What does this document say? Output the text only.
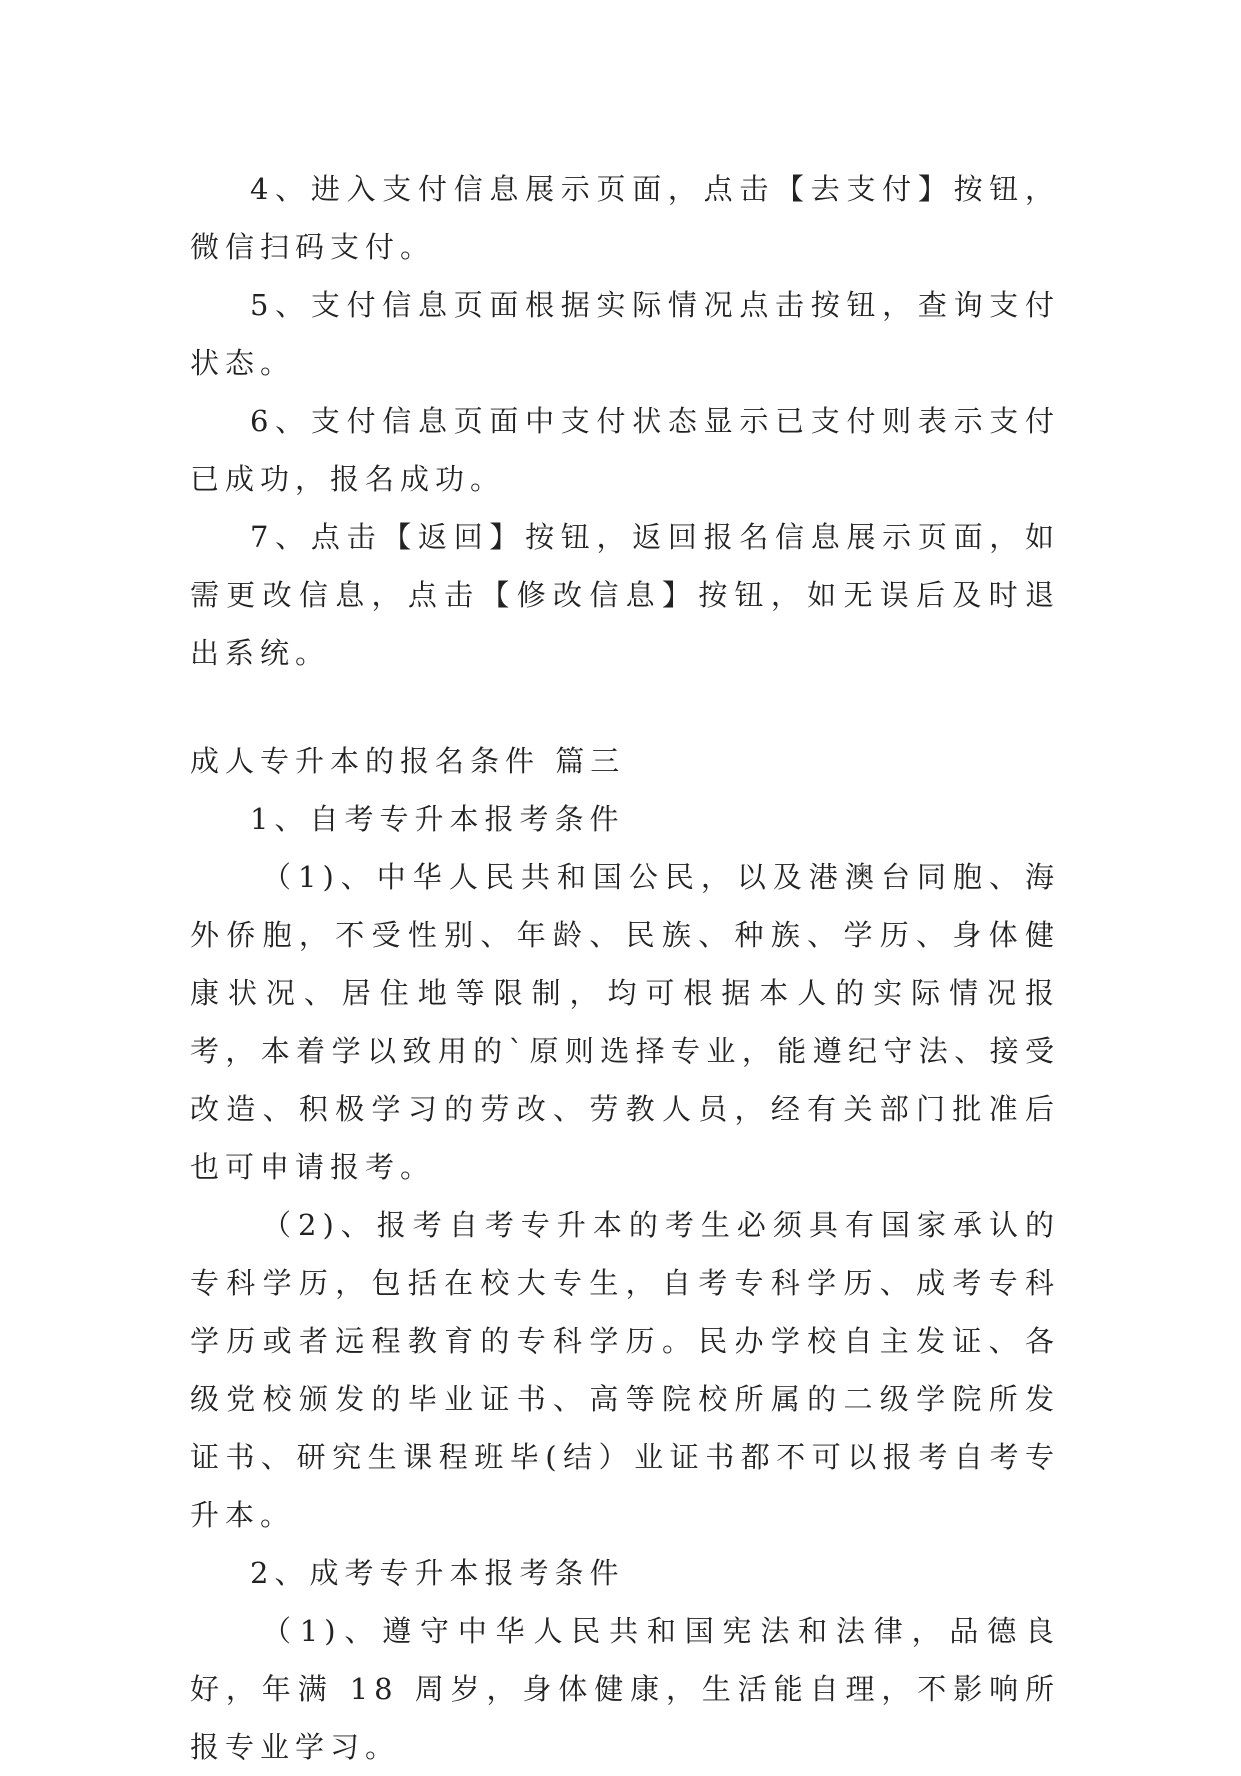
4、进入支付信息展示页面，点击【去支付】按钮，微信扫码支付。

5、支付信息页面根据实际情况点击按钮，查询支付状态。

6、支付信息页面中支付状态显示已支付则表示支付已成功，报名成功。

7、点击【返回】按钮，返回报名信息展示页面，如需更改信息，点击【修改信息】按钮，如无误后及时退出系统。

成人专升本的报名条件 篇三

1、自考专升本报考条件

（1)、中华人民共和国公民，以及港澳台同胞、海外侨胞，不受性别、年龄、民族、种族、学历、身体健康状况、居住地等限制，均可根据本人的实际情况报考，本着学以致用的`原则选择专业，能遵纪守法、接受改造、积极学习的劳改、劳教人员，经有关部门批准后也可申请报考。

（2)、报考自考专升本的考生必须具有国家承认的专科学历，包括在校大专生，自考专科学历、成考专科学历或者远程教育的专科学历。民办学校自主发证、各级党校颁发的毕业证书、高等院校所属的二级学院所发证书、研究生课程班毕(结）业证书都不可以报考自考专升本。

2、成考专升本报考条件

（1)、遵守中华人民共和国宪法和法律，品德良好，年满 18 周岁，身体健康，生活能自理，不影响所报专业学习。
